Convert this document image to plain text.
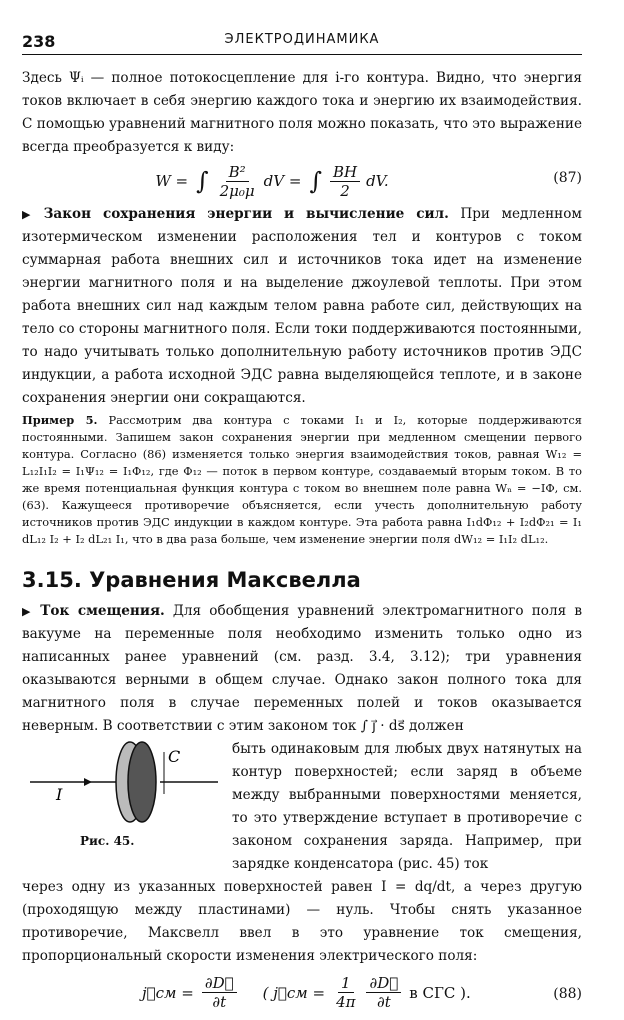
238	ЭЛЕКТРОДИНАМИКА

Здесь Ψᵢ — полное потокосцепление для i-го контура. Видно, что энергия токов включает в себя энергию каждого тока и энергию их взаимодействия. С помощью уравнений магнитного поля можно показать, что это выражение всегда преобразуется к виду:

W = ∫ $\frac{\text{B²}}{\text{2μ₀μ}}$ dV = ∫ $\frac{BH}{2}$ dV.	(87)

▶ Закон сохранения энергии и вычисление сил. При медленном изотермическом изменении расположения тел и контуров с током суммарная работа внешних сил и источников тока идет на изменение энергии магнитного поля и на выделение джоулевой теплоты. При этом работа внешних сил над каждым телом равна работе сил, действующих на тело со стороны магнитного поля. Если токи поддерживаются постоянными, то надо учитывать только дополнительную работу источников против ЭДС индукции, а работа исходной ЭДС равна выделяющейся теплоте, и в законе сохранения энергии они сокращаются.

Пример 5. Рассмотрим два контура с токами I₁ и I₂, которые поддерживаются постоянными. Запишем закон сохранения энергии при медленном смещении первого контура. Согласно (86) изменяется только энергия взаимодействия токов, равная W₁₂ = L₁₂I₁I₂ = I₁Ψ₁₂ = I₁Φ₁₂, где Φ₁₂ — поток в первом контуре, создаваемый вторым током. В то же время потенциальная функция контура с током во внешнем поле равна Wₙ = −IΦ, см. (63). Кажущееся противоречие объясняется, если учесть дополнительную работу источников против ЭДС индукции в каждом контуре. Эта работа равна I₁dΦ₁₂ + I₂dΦ₂₁ = I₁ dL₁₂ I₂ + I₂ dL₂₁ I₁, что в два раза больше, чем изменение энергии поля dW₁₂ = I₁I₂ dL₁₂.

3.15. Уравнения Максвелла

▶ Ток смещения. Для обобщения уравнений электромагнитного поля в вакууме на переменные поля необходимо изменить только одно из написанных ранее уравнений (см. разд. 3.4, 3.12); три уравнения оказываются верными в общем случае. Однако закон полного тока для магнитного поля в случае переменных полей и токов оказывается неверным. В соответствии с этим законом ток ∫ j⃗ · ds⃗ должен

C
I
Рис. 45.

быть одинаковым для любых двух натянутых на контур поверхностей; если заряд в объеме между выбранными поверхностями меняется, то это утверждение вступает в противоречие с законом сохранения заряда. Например, при зарядке конденсатора (рис. 45) ток

через одну из указанных поверхностей равен I = dq/dt, а через другую (проходящую между пластинами) — нуль. Чтобы снять указанное противоречие, Максвелл ввел в это уравнение ток смещения, пропорциональный скорости изменения электрического поля:

j⃗см = $\frac{\partial D⃗}{\partial t}$ ( j⃗см = $\frac{1}{4\pi} \frac{\partial D⃗}{\partial t}$ в СГС ).	(88)
